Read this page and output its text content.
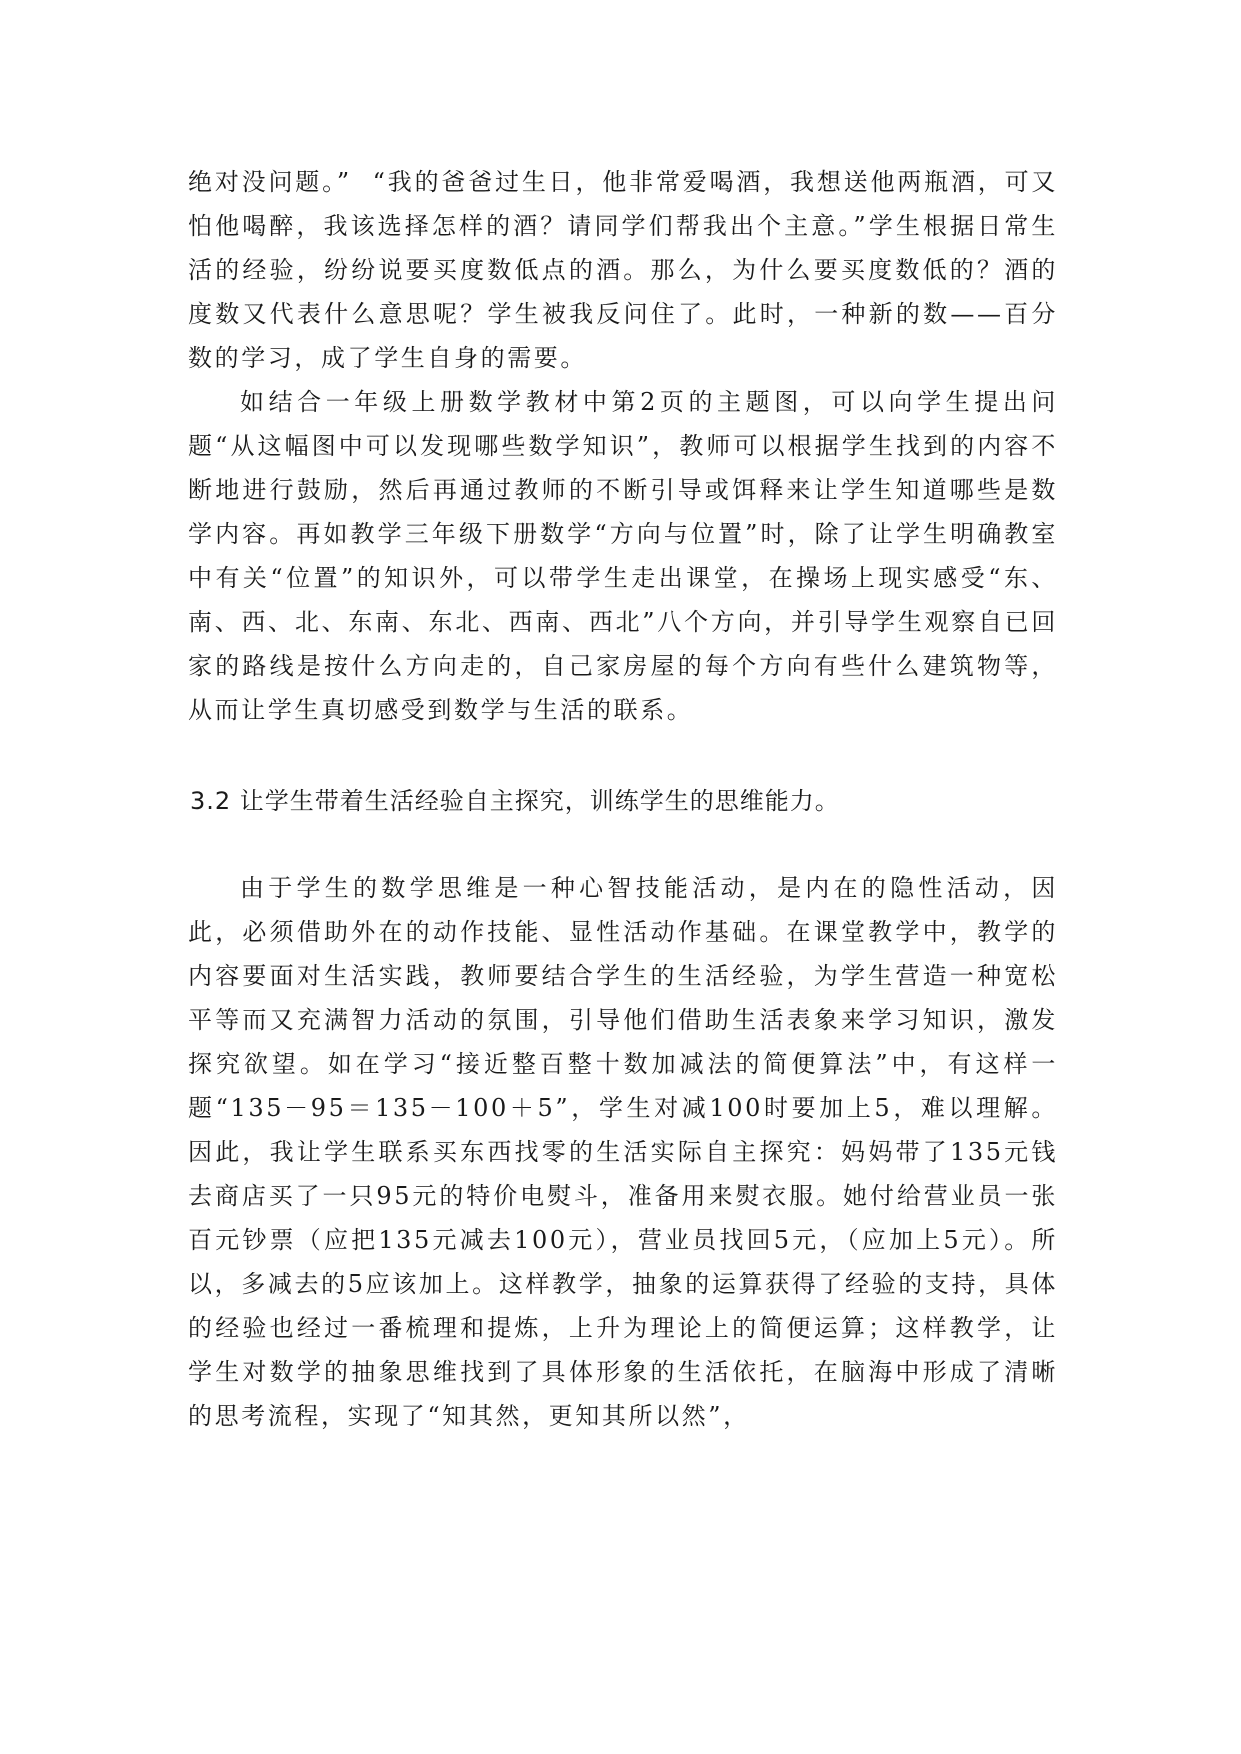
绝对没问题。”  “我的爸爸过生日，他非常爱喝酒，我想送他两瓶酒，可又怕他喝醉，我该选择怎样的酒？请同学们帮我出个主意。”学生根据日常生活的经验，纷纷说要买度数低点的酒。那么，为什么要买度数低的？酒的度数又代表什么意思呢？学生被我反问住了。此时，一种新的数——百分数的学习，成了学生自身的需要。

如结合一年级上册数学教材中第2页的主题图，可以向学生提出问题“从这幅图中可以发现哪些数学知识”，教师可以根据学生找到的内容不断地进行鼓励，然后再通过教师的不断引导或饵释来让学生知道哪些是数学内容。再如教学三年级下册数学“方向与位置”时，除了让学生明确教室中有关“位置”的知识外，可以带学生走出课堂，在操场上现实感受“东、南、西、北、东南、东北、西南、西北”八个方向，并引导学生观察自已回家的路线是按什么方向走的，自己家房屋的每个方向有些什么建筑物等，从而让学生真切感受到数学与生活的联系。

3.2 让学生带着生活经验自主探究，训练学生的思维能力。

由于学生的数学思维是一种心智技能活动，是内在的隐性活动，因此，必须借助外在的动作技能、显性活动作基础。在课堂教学中，教学的内容要面对生活实践，教师要结合学生的生活经验，为学生营造一种宽松平等而又充满智力活动的氛围，引导他们借助生活表象来学习知识，激发探究欲望。如在学习“接近整百整十数加减法的简便算法”中，有这样一题“135－95＝135－100＋5”，学生对减100时要加上5，难以理解。因此，我让学生联系买东西找零的生活实际自主探究：妈妈带了135元钱去商店买了一只95元的特价电熨斗，准备用来熨衣服。她付给营业员一张百元钞票（应把135元减去100元），营业员找回5元，（应加上5元）。所以，多减去的5应该加上。这样教学，抽象的运算获得了经验的支持，具体的经验也经过一番梳理和提炼，上升为理论上的简便运算；这样教学，让学生对数学的抽象思维找到了具体形象的生活依托，在脑海中形成了清晰的思考流程，实现了“知其然，更知其所以然”，
